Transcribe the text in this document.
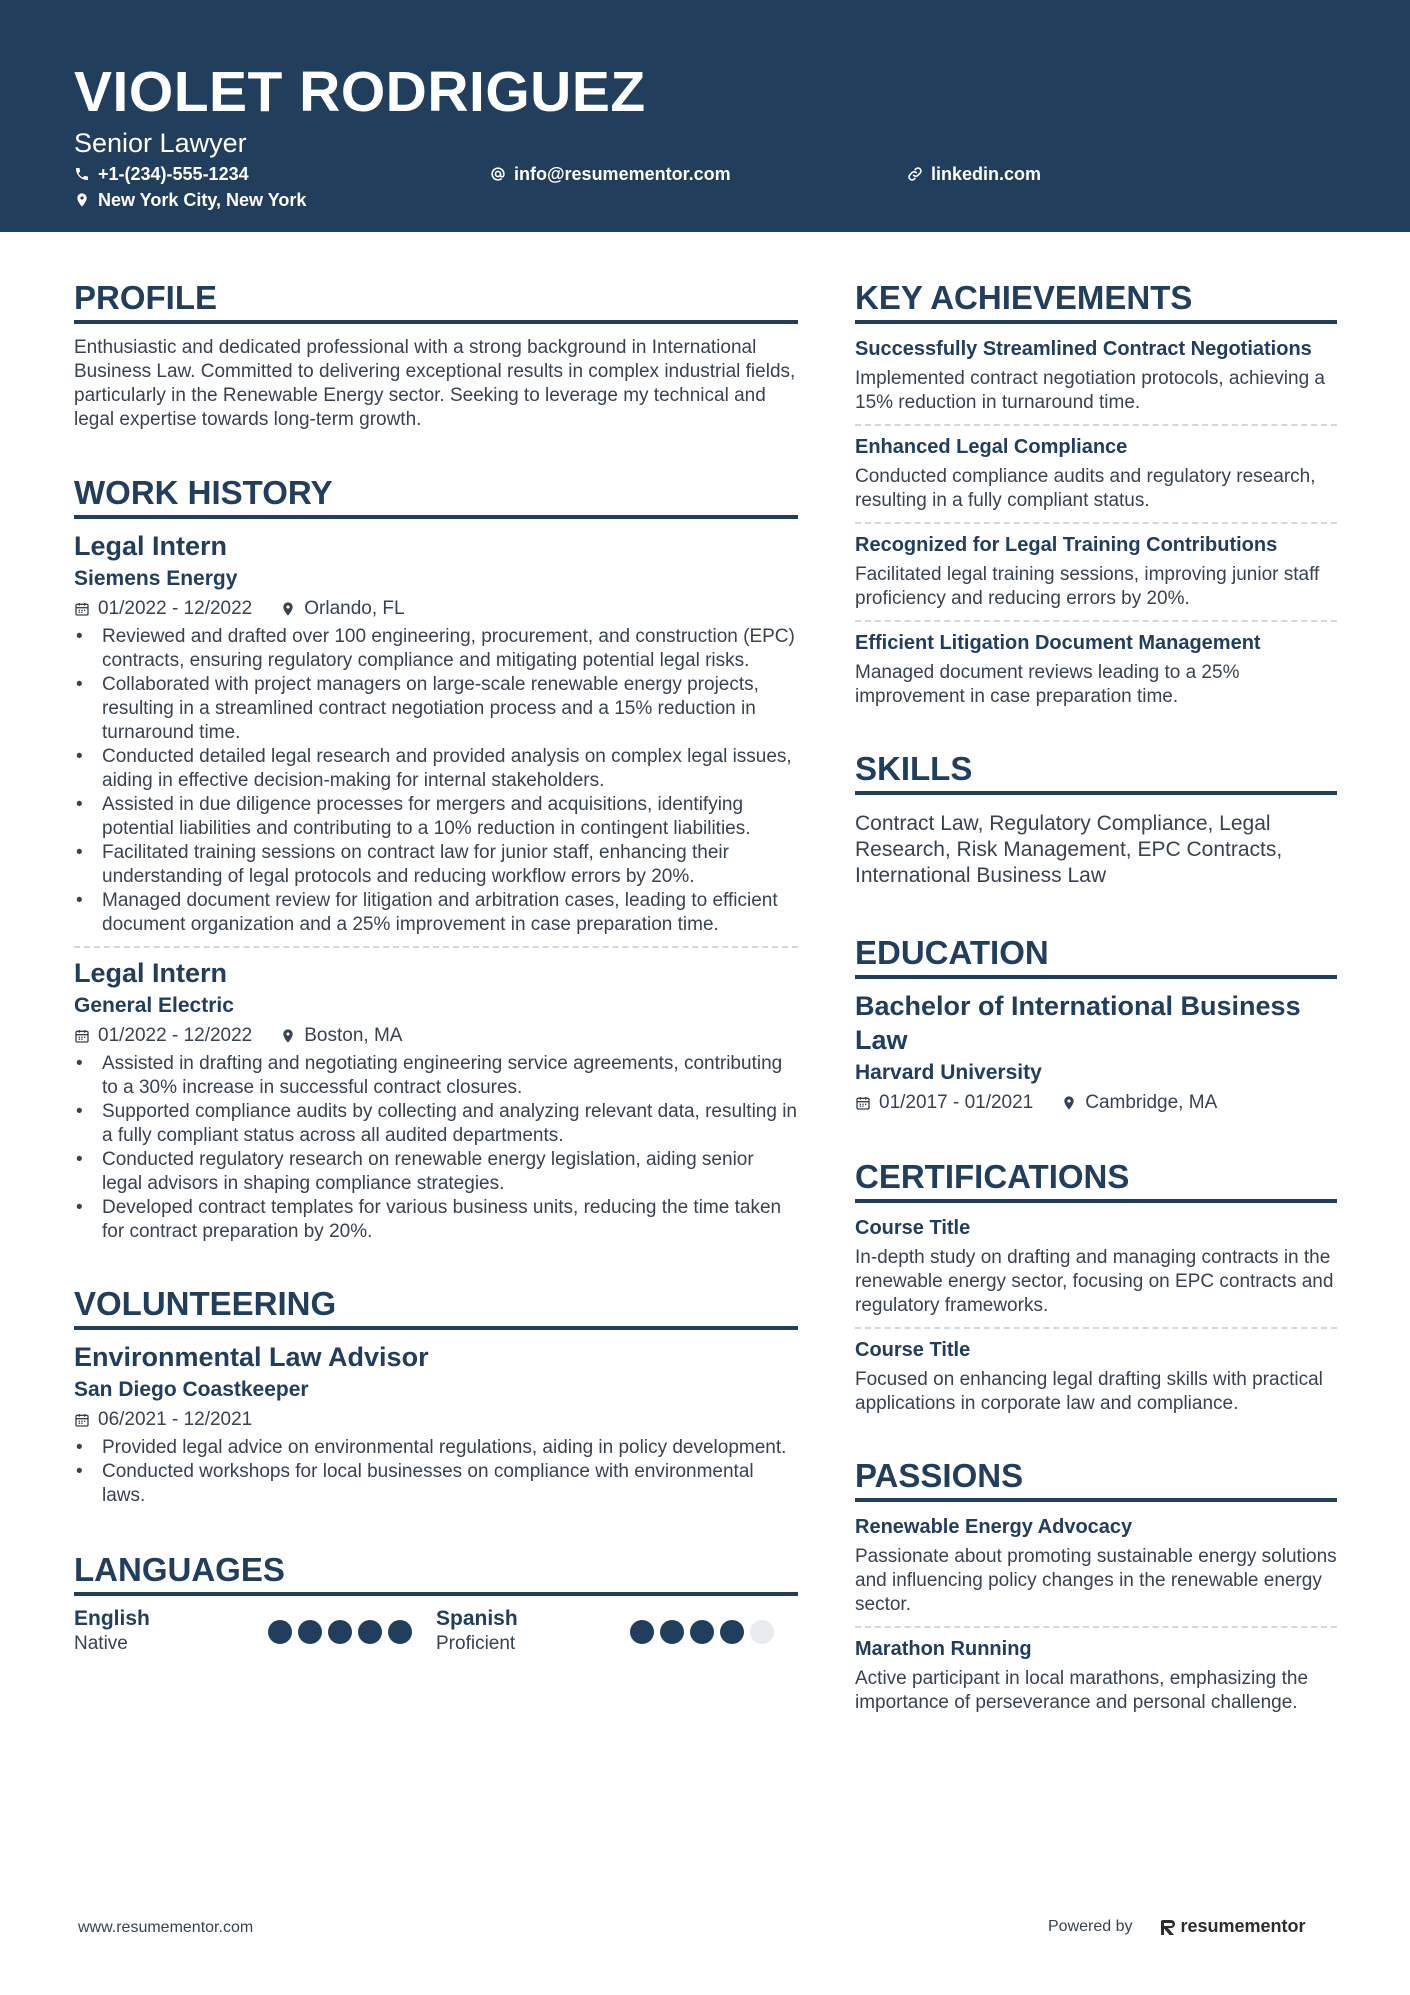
VIOLET RODRIGUEZ
Senior Lawyer
+1-(234)-555-1234	info@resumementor.com	linkedin.com
New York City, New York
PROFILE

Enthusiastic and dedicated professional with a strong background in International Business Law. Committed to delivering exceptional results in complex industrial fields, particularly in the Renewable Energy sector. Seeking to leverage my technical and legal expertise towards long-term growth.

WORK HISTORY
Legal Intern
Siemens Energy
01/2022 - 12/2022	Orlando, FL
• Reviewed and drafted over 100 engineering, procurement, and construction (EPC) contracts, ensuring regulatory compliance and mitigating potential legal risks.
• Collaborated with project managers on large-scale renewable energy projects, resulting in a streamlined contract negotiation process and a 15% reduction in turnaround time.
• Conducted detailed legal research and provided analysis on complex legal issues, aiding in effective decision-making for internal stakeholders.
• Assisted in due diligence processes for mergers and acquisitions, identifying potential liabilities and contributing to a 10% reduction in contingent liabilities.
• Facilitated training sessions on contract law for junior staff, enhancing their understanding of legal protocols and reducing workflow errors by 20%.
• Managed document review for litigation and arbitration cases, leading to efficient document organization and a 25% improvement in case preparation time.
Legal Intern
General Electric
01/2022 - 12/2022	Boston, MA
• Assisted in drafting and negotiating engineering service agreements, contributing to a 30% increase in successful contract closures.
• Supported compliance audits by collecting and analyzing relevant data, resulting in a fully compliant status across all audited departments.
• Conducted regulatory research on renewable energy legislation, aiding senior legal advisors in shaping compliance strategies.
• Developed contract templates for various business units, reducing the time taken for contract preparation by 20%.
VOLUNTEERING
Environmental Law Advisor
San Diego Coastkeeper
06/2021 - 12/2021
• Provided legal advice on environmental regulations, aiding in policy development.
• Conducted workshops for local businesses on compliance with environmental laws.
LANGUAGES
English
Native
Spanish
Proficient
KEY ACHIEVEMENTS
Successfully Streamlined Contract Negotiations

Implemented contract negotiation protocols, achieving a 15% reduction in turnaround time.

Enhanced Legal Compliance

Conducted compliance audits and regulatory research, resulting in a fully compliant status.

Recognized for Legal Training Contributions

Facilitated legal training sessions, improving junior staff proficiency and reducing errors by 20%.

Efficient Litigation Document Management

Managed document reviews leading to a 25% improvement in case preparation time.

SKILLS

Contract Law, Regulatory Compliance, Legal Research, Risk Management, EPC Contracts, International Business Law

EDUCATION
Bachelor of International Business Law
Harvard University
01/2017 - 01/2021	Cambridge, MA
CERTIFICATIONS
Course Title

In-depth study on drafting and managing contracts in the renewable energy sector, focusing on EPC contracts and regulatory frameworks.

Course Title

Focused on enhancing legal drafting skills with practical applications in corporate law and compliance.

PASSIONS
Renewable Energy Advocacy

Passionate about promoting sustainable energy solutions and influencing policy changes in the renewable energy sector.

Marathon Running

Active participant in local marathons, emphasizing the importance of perseverance and personal challenge.

www.resumementor.com	Powered by	resumementor
